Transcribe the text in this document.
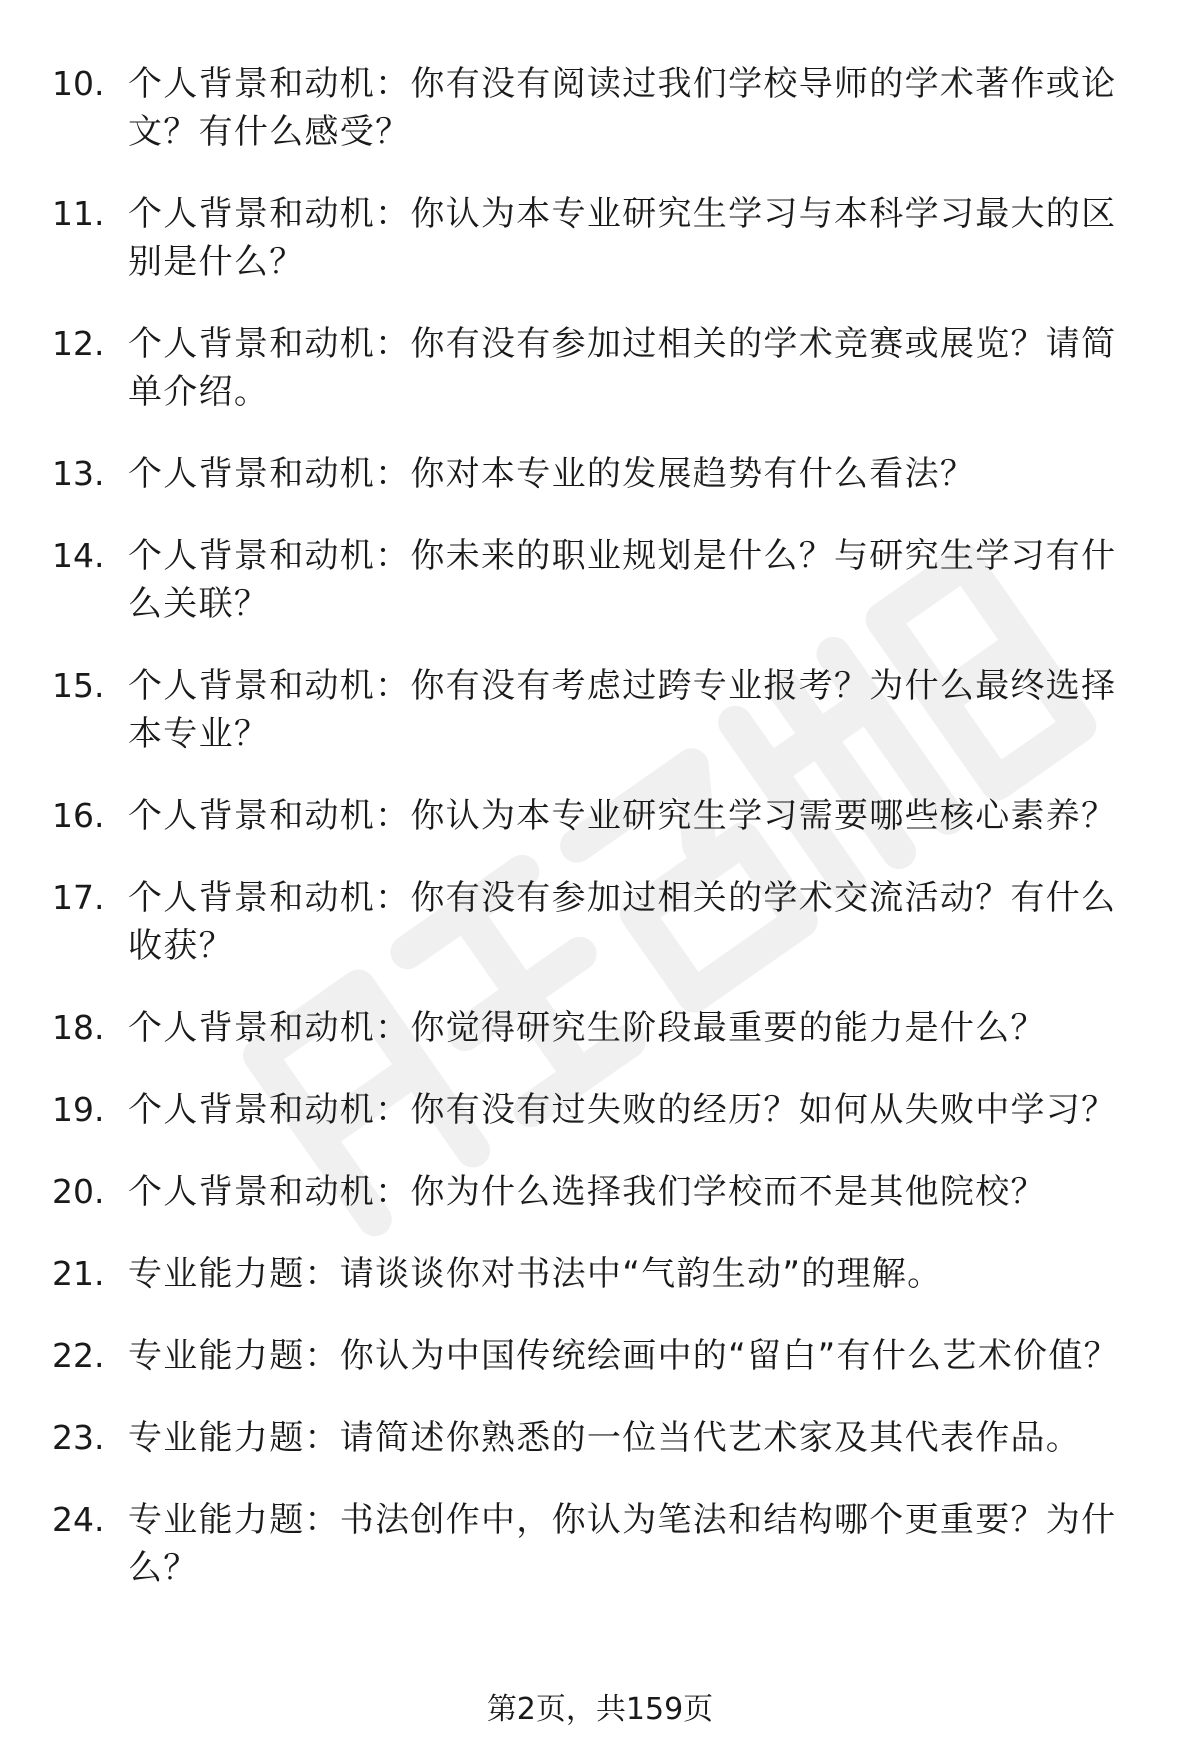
10. 个人背景和动机：你有没有阅读过我们学校导师的学术著作或论文？有什么感受？
11. 个人背景和动机：你认为本专业研究生学习与本科学习最大的区别是什么？
12. 个人背景和动机：你有没有参加过相关的学术竞赛或展览？请简单介绍。
13. 个人背景和动机：你对本专业的发展趋势有什么看法？
14. 个人背景和动机：你未来的职业规划是什么？与研究生学习有什么关联？
15. 个人背景和动机：你有没有考虑过跨专业报考？为什么最终选择本专业？
16. 个人背景和动机：你认为本专业研究生学习需要哪些核心素养？
17. 个人背景和动机：你有没有参加过相关的学术交流活动？有什么收获？
18. 个人背景和动机：你觉得研究生阶段最重要的能力是什么？
19. 个人背景和动机：你有没有过失败的经历？如何从失败中学习？
20. 个人背景和动机：你为什么选择我们学校而不是其他院校？
21. 专业能力题：请谈谈你对书法中“气韵生动”的理解。
22. 专业能力题：你认为中国传统绘画中的“留白”有什么艺术价值？
23. 专业能力题：请简述你熟悉的一位当代艺术家及其代表作品。
24. 专业能力题：书法创作中，你认为笔法和结构哪个更重要？为什么？
第2页，共159页
